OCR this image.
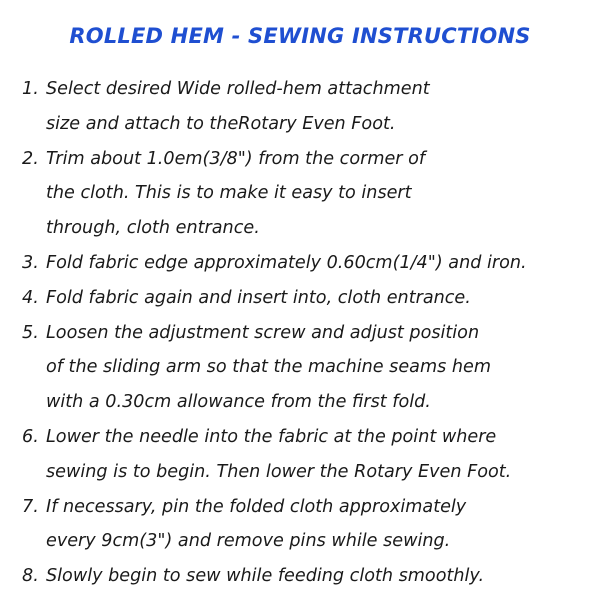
ROLLED HEM - SEWING INSTRUCTIONS
1. Select desired Wide rolled-hem attachment
size and attach to theRotary Even Foot.
2. Trim about 1.0em(3/8") from the cormer of
the cloth. This is to make it easy to insert
through, cloth entrance.
3. Fold fabric edge approximately 0.60cm(1/4") and iron.
4. Fold fabric again and insert into, cloth entrance.
5. Loosen the adjustment screw and adjust position
of the sliding arm so that the machine seams hem
with a 0.30cm allowance from the first fold.
6. Lower the needle into the fabric at the point where
sewing is to begin. Then lower the Rotary Even Foot.
7. If necessary, pin the folded cloth approximately
every 9cm(3") and remove pins while sewing.
8. Slowly begin to sew while feeding cloth smoothly.
